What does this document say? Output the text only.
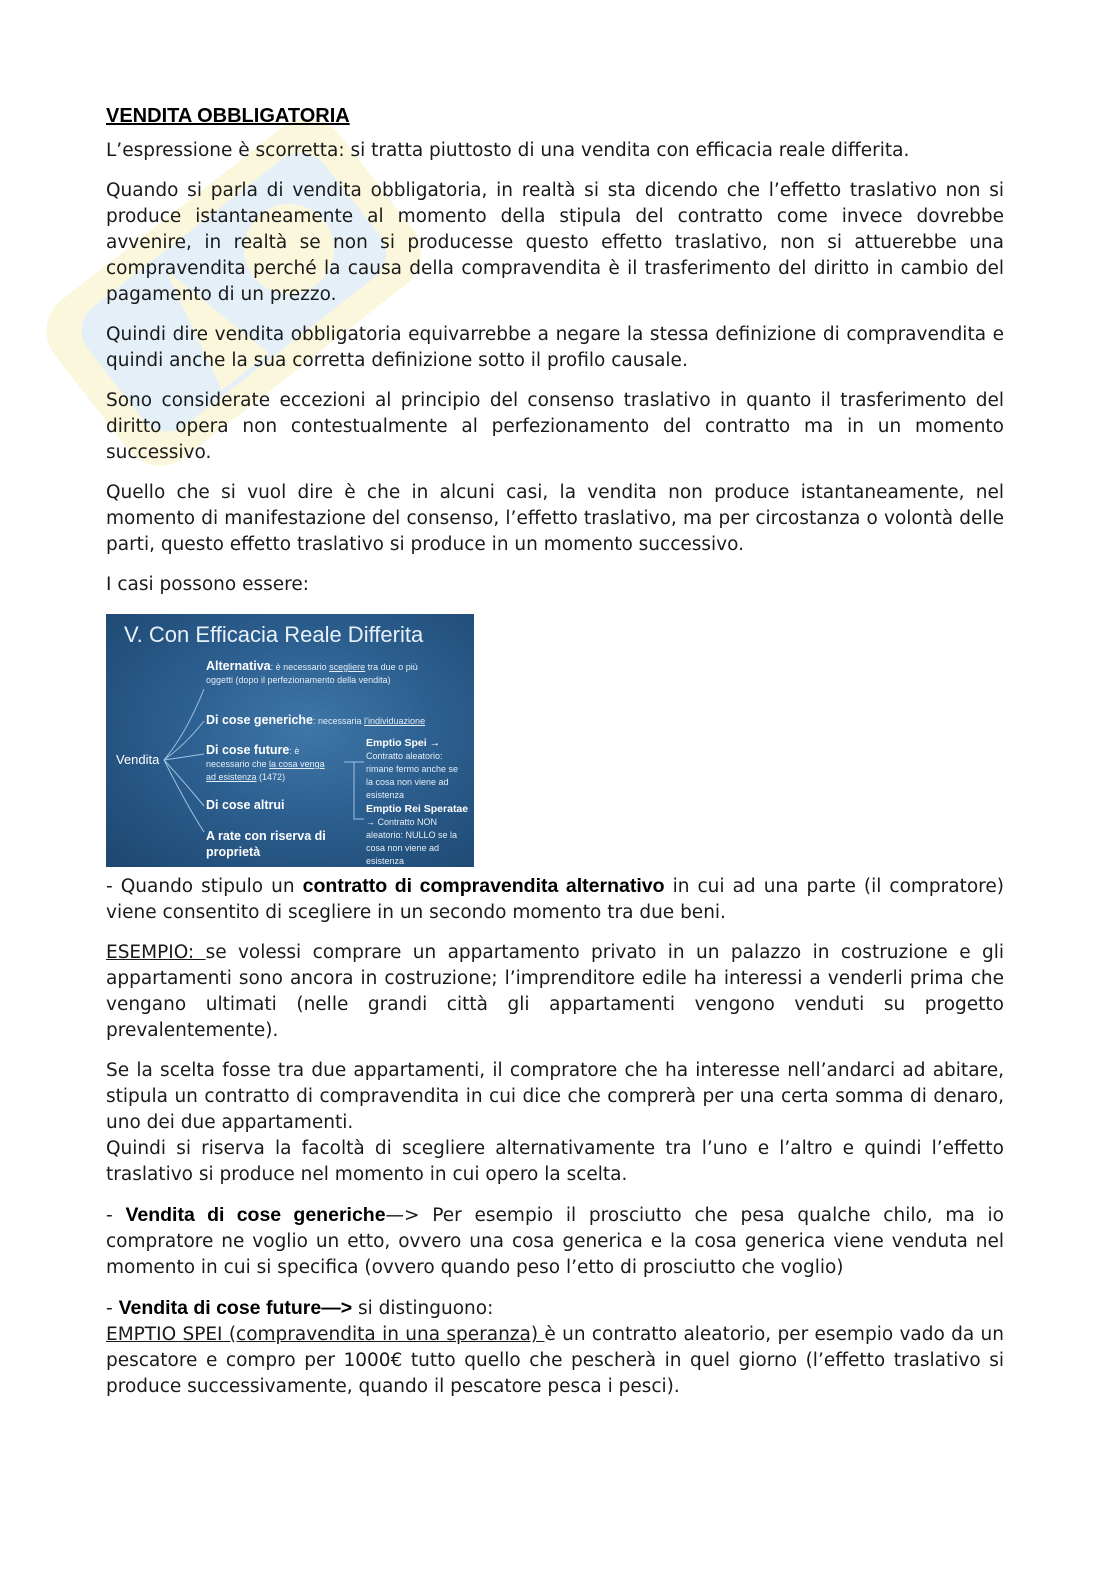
VENDITA OBBLIGATORIA

L’espressione è scorretta: si tratta piuttosto di una vendita con efficacia reale differita.

Quando si parla di vendita obbligatoria, in realtà si sta dicendo che l’effetto traslativo non si produce istantaneamente al momento della stipula del contratto come invece dovrebbe avvenire, in realtà se non si producesse questo effetto traslativo, non si attuerebbe una compravendita perché la causa della compravendita è il trasferimento del diritto in cambio del pagamento di un prezzo.

Quindi dire vendita obbligatoria equivarrebbe a negare la stessa definizione di compravendita e quindi anche la sua corretta definizione sotto il profilo causale.

Sono considerate eccezioni al principio del consenso traslativo in quanto il trasferimento del diritto opera non contestualmente al perfezionamento del contratto ma in un momento successivo.

Quello che si vuol dire è che in alcuni casi, la vendita non produce istantaneamente, nel momento di manifestazione del consenso, l’effetto traslativo, ma per circostanza o volontà delle parti, questo effetto traslativo si produce in un momento successivo.

I casi possono essere:

V. Con Efficacia Reale Differita
Vendita
Alternativa: è necessario scegliere tra due o più
oggetti (dopo il perfezionamento della vendita)
Di cose generiche: necessaria l’individuazione
Di cose future: è
necessario che la cosa venga
ad esistenza (1472)
Di cose altrui
A rate con riserva di
proprietà
Emptio Spei →
Contratto aleatorio:
rimane fermo anche se
la cosa non viene ad
esistenza
Emptio Rei Speratae
→ Contratto NON
aleatorio: NULLO se la
cosa non viene ad
esistenza

- Quando stipulo un contratto di compravendita alternativo in cui ad una parte (il compratore) viene consentito di scegliere in un secondo momento tra due beni.

ESEMPIO: se volessi comprare un appartamento privato in un palazzo in costruzione e gli appartamenti sono ancora in costruzione; l’imprenditore edile ha interessi a venderli prima che vengano ultimati (nelle grandi città gli appartamenti vengono venduti su progetto prevalentemente).

Se la scelta fosse tra due appartamenti, il compratore che ha interesse nell’andarci ad abitare, stipula un contratto di compravendita in cui dice che comprerà per una certa somma di denaro, uno dei due appartamenti.
Quindi si riserva la facoltà di scegliere alternativamente tra l’uno e l’altro e quindi l’effetto traslativo si produce nel momento in cui opero la scelta.

- Vendita di cose generiche—> Per esempio il prosciutto che pesa qualche chilo, ma io compratore ne voglio un etto, ovvero una cosa generica e la cosa generica viene venduta nel momento in cui si specifica (ovvero quando peso l’etto di prosciutto che voglio)

- Vendita di cose future—> si distinguono:
EMPTIO SPEI (compravendita in una speranza) è un contratto aleatorio, per esempio vado da un pescatore e compro per 1000€ tutto quello che pescherà in quel giorno (l’effetto traslativo si produce successivamente, quando il pescatore pesca i pesci).
